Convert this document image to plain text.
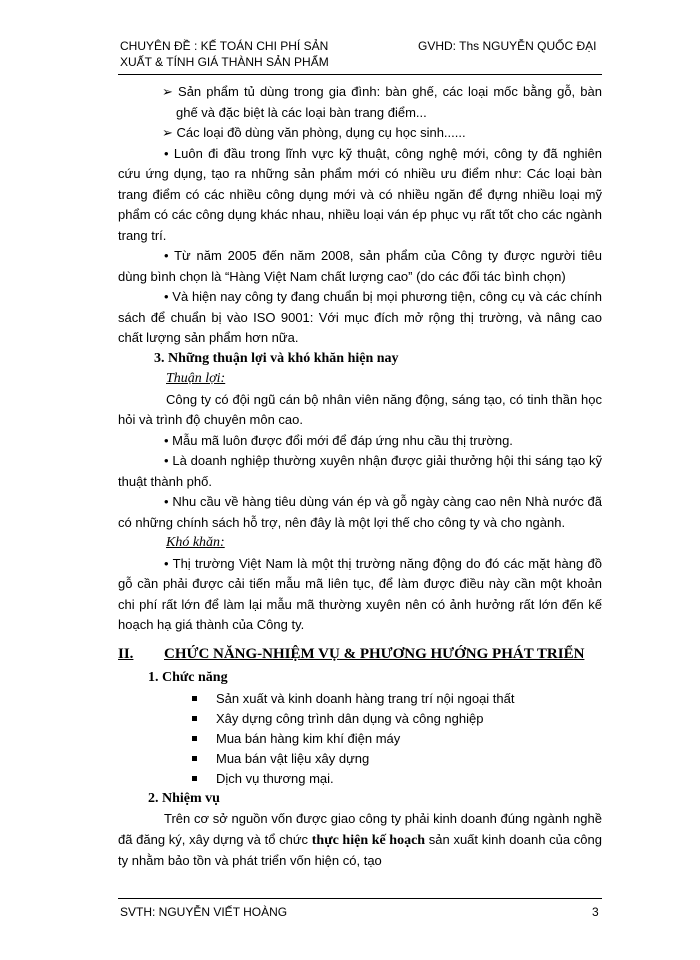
CHUYÊN ĐỀ : KẾ TOÁN CHI PHÍ SẢN
XUẤT & TÍNH GIÁ THÀNH SẢN PHẨM
GVHD: Ths NGUYỄN QUỐC ĐẠI

➢ Sản phẩm tủ dùng trong gia đình: bàn ghế, các loại mốc bằng gỗ, bàn ghế và đặc biệt là các loại bàn trang điểm...

➢ Các loại đồ dùng văn phòng, dụng cụ học sinh......

• Luôn đi đầu trong lĩnh vực kỹ thuật, công nghệ mới, công ty đã nghiên cứu ứng dụng, tạo ra những sản phẩm mới có nhiều ưu điểm như: Các loại bàn trang điểm có các nhiều công dụng mới và có nhiều ngăn để đựng nhiều loại mỹ phẩm có các công dụng khác nhau, nhiều loại ván ép phục vụ rất tốt cho các ngành trang trí.

• Từ năm 2005 đến năm 2008, sản phẩm của Công ty được người tiêu dùng bình chọn là “Hàng Việt Nam chất lượng cao” (do các đối tác bình chọn)

• Và hiện nay công ty đang chuẩn bị mọi phương tiện, công cụ và các chính sách để chuẩn bị vào ISO 9001: Với mục đích mở rộng thị trường, và nâng cao chất lượng sản phẩm hơn nữa.

3. Những thuận lợi và khó khăn hiện nay

Thuận lợi:

Công ty có đội ngũ cán bộ nhân viên năng động, sáng tạo, có tinh thần học hỏi và trình độ chuyên môn cao.

• Mẫu mã luôn được đổi mới để đáp ứng nhu cầu thị trường.

• Là doanh nghiệp thường xuyên nhận được giải thưởng hội thi sáng tạo kỹ thuật thành phố.

• Nhu cầu về hàng tiêu dùng ván ép và gỗ ngày càng cao nên Nhà nước đã có những chính sách hỗ trợ, nên đây là một lợi thế cho công ty và cho ngành.

Khó khăn:

• Thị trường Việt Nam là một thị trường năng động do đó các mặt hàng đồ gỗ cần phải được cải tiến mẫu mã liên tục, để làm được điều này cần một khoản chi phí rất lớn để làm lại mẫu mã thường xuyên nên có ảnh hưởng rất lớn đến kế hoạch hạ giá thành của Công ty.

II.	CHỨC NĂNG-NHIỆM VỤ & PHƯƠNG HƯỚNG PHÁT TRIỂN

1. Chức năng

Sản xuất và kinh doanh hàng trang trí nội ngoại thất
Xây dựng công trình dân dụng và công nghiệp
Mua bán hàng kim khí điện máy
Mua bán vật liệu xây dựng
Dịch vụ thương mại.

2. Nhiệm vụ

Trên cơ sở nguồn vốn được giao công ty phải kinh doanh đúng ngành nghề đã đăng ký, xây dựng và tổ chức thực hiện kế hoạch sản xuất kinh doanh của công ty nhằm bảo tồn và phát triển vốn hiện có, tạo

SVTH: NGUYỄN VIẾT HOÀNG	3
